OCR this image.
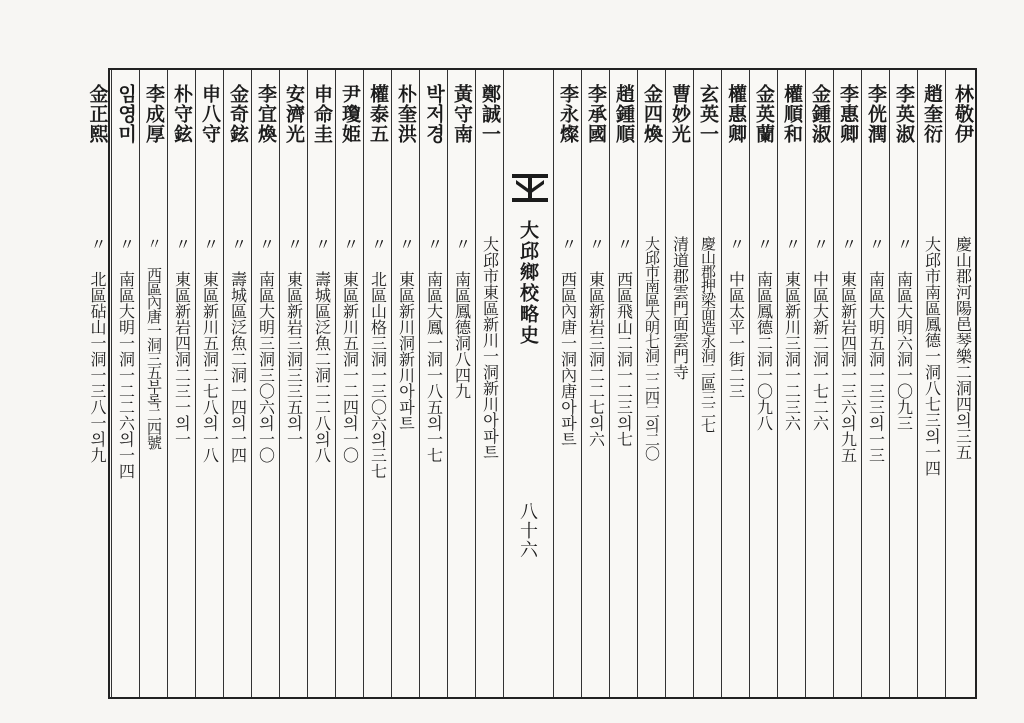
林敬伊
慶山郡河陽邑琴樂二洞四의三五
趙奎衍
大邱市南區鳳德一洞八七三의一四
李英淑
〃 南區大明六洞一〇九三
李侊潤
〃 南區大明五洞一三三의一三
李惠卿
〃 東區新岩四洞一三六의九五
金鍾淑
〃 中區大新二洞一七二六
權順和
〃 東區新川三洞一二三六
金英蘭
〃 南區鳳德二洞一〇九八
權惠卿
〃 中區太平一街二三
玄英一
慶山郡押梁面造永洞二區三二七
曹妙光
清道郡雲門面雲門寺
金四煥
大邱市南區大明七洞二二四二의二〇
趙鍾順
〃 西區飛山二洞一二三의七
李承國
〃 東區新岩三洞二二七의六
李永燦
〃 西區內唐一洞內唐아파트
大邱鄉校略史
八十六
鄭誠一
大邱市東區新川一洞新川아파트
黃守南
〃 南區鳳德洞八四九
박저경
〃 南區大鳳一洞一八五의一七
朴奎洪
〃 東區新川洞新川아파트
權泰五
〃 北區山格三洞一三〇六의三七
尹瓊姫
〃 東區新川五洞一二四의一〇
申命圭
〃 壽城區泛魚二洞二二八의八
安濟光
〃 東區新岩三洞三三五의一
李宜煥
〃 南區大明三洞三〇六의一〇
金奇鉉
〃 壽城區泛魚二洞一四의一四
申八守
〃 東區新川五洞二七八의一八
朴守鉉
〃 東區新岩四洞二三一의一
李成厚
〃 西區內唐一洞三五부록二四號
임영미
〃 南區大明一洞一二二六의一四
金正熙
〃 北區砧山一洞一三八一의九
